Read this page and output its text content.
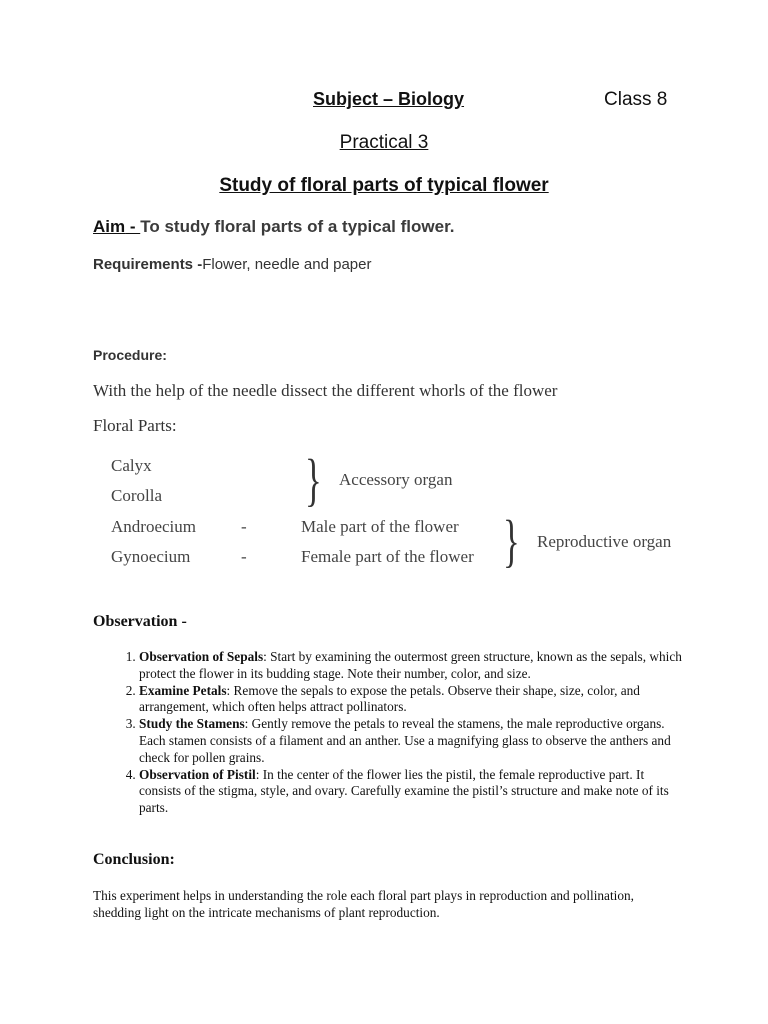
Subject – Biology	Class 8
Practical 3
Study of floral parts of typical flower
Aim - To study floral parts of a typical flower.
Requirements -Flower, needle and paper
Procedure:
With the help of the needle dissect the different whorls of the flower
Floral Parts:
Calyx
Corolla
Androecium
Gynoecium
-
-
Male part of the flower
Female part of the flower
} Accessory organ
} Reproductive organ
Observation -
1. Observation of Sepals: Start by examining the outermost green structure, known as the sepals, which protect the flower in its budding stage. Note their number, color, and size.
2. Examine Petals: Remove the sepals to expose the petals. Observe their shape, size, color, and arrangement, which often helps attract pollinators.
3. Study the Stamens: Gently remove the petals to reveal the stamens, the male reproductive organs. Each stamen consists of a filament and an anther. Use a magnifying glass to observe the anthers and check for pollen grains.
4. Observation of Pistil: In the center of the flower lies the pistil, the female reproductive part. It consists of the stigma, style, and ovary. Carefully examine the pistil’s structure and make note of its parts.
Conclusion:
This experiment helps in understanding the role each floral part plays in reproduction and pollination, shedding light on the intricate mechanisms of plant reproduction.
